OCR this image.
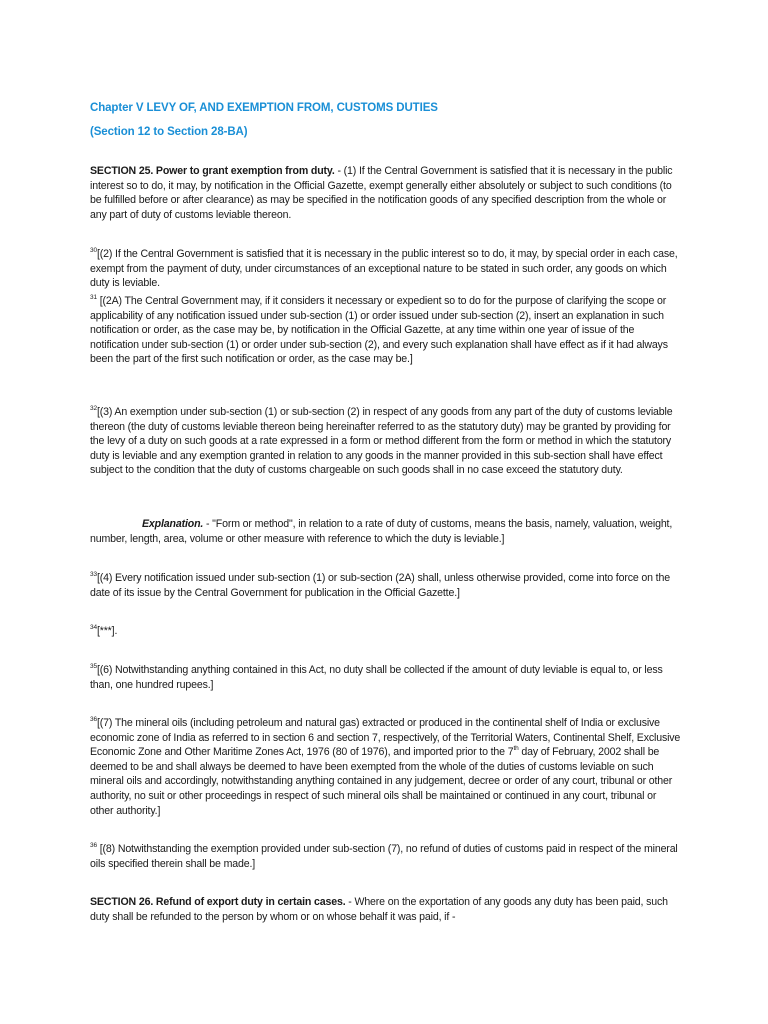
Chapter V LEVY OF, AND EXEMPTION FROM, CUSTOMS DUTIES
(Section 12 to Section 28-BA)

SECTION 25. Power to grant exemption from duty. - (1) If the Central Government is satisfied that it is necessary in the public interest so to do, it may, by notification in the Official Gazette, exempt generally either absolutely or subject to such conditions (to be fulfilled before or after clearance) as may be specified in the notification goods of any specified description from the whole or any part of duty of customs leviable thereon.

$^{30}$[(2) If the Central Government is satisfied that it is necessary in the public interest so to do, it may, by special order in each case, exempt from the payment of duty, under circumstances of an exceptional nature to be stated in such order, any goods on which duty is leviable.

$^{31}$ [(2A) The Central Government may, if it considers it necessary or expedient so to do for the purpose of clarifying the scope or applicability of any notification issued under sub-section (1) or order issued under sub-section (2), insert an explanation in such notification or order, as the case may be, by notification in the Official Gazette, at any time within one year of issue of the notification under sub-section (1) or order under sub-section (2), and every such explanation shall have effect as if it had always been the part of the first such notification or order, as the case may be.]

$^{32}$[(3) An exemption under sub-section (1) or sub-section (2) in respect of any goods from any part of the duty of customs leviable thereon (the duty of customs leviable thereon being hereinafter referred to as the statutory duty) may be granted by providing for the levy of a duty on such goods at a rate expressed in a form or method different from the form or method in which the statutory duty is leviable and any exemption granted in relation to any goods in the manner provided in this sub-section shall have effect subject to the condition that the duty of customs chargeable on such goods shall in no case exceed the statutory duty.

Explanation. - "Form or method", in relation to a rate of duty of customs, means the basis, namely, valuation, weight, number, length, area, volume or other measure with reference to which the duty is leviable.]

$^{33}$[(4) Every notification issued under sub-section (1) or sub-section (2A) shall, unless otherwise provided, come into force on the date of its issue by the Central Government for publication in the Official Gazette.]

$^{34}$[***].

$^{35}$[(6) Notwithstanding anything contained in this Act, no duty shall be collected if the amount of duty leviable is equal to, or less than, one hundred rupees.]

$^{36}$[(7) The mineral oils (including petroleum and natural gas) extracted or produced in the continental shelf of India or exclusive economic zone of India as referred to in section 6 and section 7, respectively, of the Territorial Waters, Continental Shelf, Exclusive Economic Zone and Other Maritime Zones Act, 1976 (80 of 1976), and imported prior to the 7th day of February, 2002 shall be deemed to be and shall always be deemed to have been exempted from the whole of the duties of customs leviable on such mineral oils and accordingly, notwithstanding anything contained in any judgement, decree or order of any court, tribunal or other authority, no suit or other proceedings in respect of such mineral oils shall be maintained or continued in any court, tribunal or other authority.]

$^{36}$ [(8) Notwithstanding the exemption provided under sub-section (7), no refund of duties of customs paid in respect of the mineral oils specified therein shall be made.]

SECTION 26. Refund of export duty in certain cases. - Where on the exportation of any goods any duty has been paid, such duty shall be refunded to the person by whom or on whose behalf it was paid, if -
